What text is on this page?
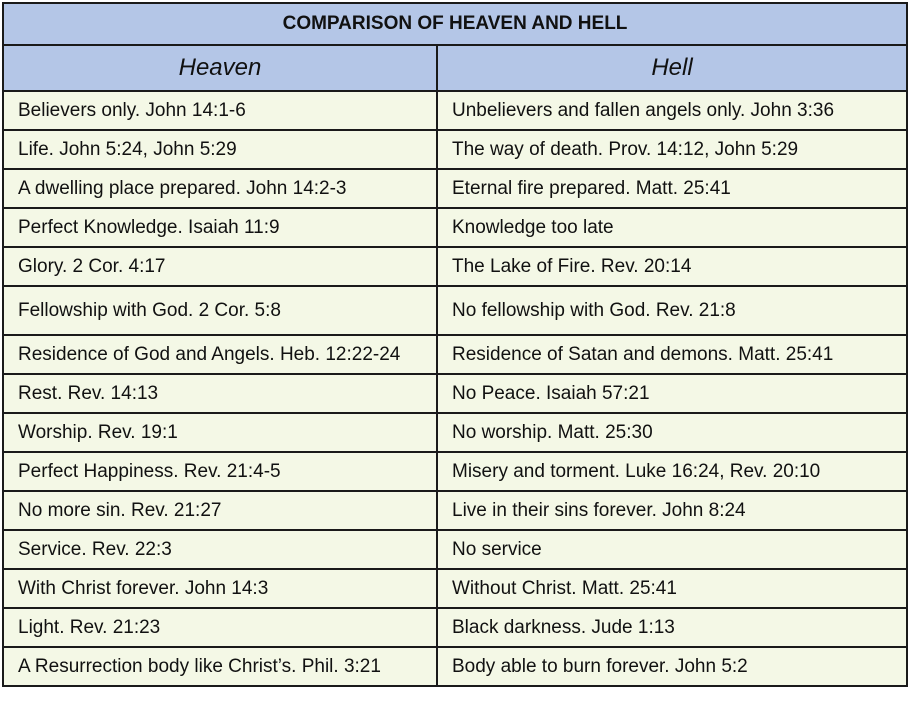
COMPARISON OF HEAVEN AND HELL	
Heaven	Hell
Believers only. John 14:1-6	Unbelievers and fallen angels only. John 3:36
Life. John 5:24, John 5:29	The way of death. Prov. 14:12, John 5:29
A dwelling place prepared. John 14:2-3	Eternal fire prepared. Matt. 25:41
Perfect Knowledge. Isaiah 11:9	Knowledge too late
Glory. 2 Cor. 4:17	The Lake of Fire. Rev. 20:14
Fellowship with God. 2 Cor. 5:8	No fellowship with God. Rev. 21:8
Residence of God and Angels. Heb. 12:22-24	Residence of Satan and demons. Matt. 25:41
Rest. Rev. 14:13	No Peace. Isaiah 57:21
Worship. Rev. 19:1	No worship. Matt. 25:30
Perfect Happiness. Rev. 21:4-5	Misery and torment. Luke 16:24, Rev. 20:10
No more sin. Rev. 21:27	Live in their sins forever. John 8:24
Service. Rev. 22:3	No service
With Christ forever. John 14:3	Without Christ. Matt. 25:41
Light. Rev. 21:23	Black darkness. Jude 1:13
A Resurrection body like Christ’s. Phil. 3:21	Body able to burn forever. John 5:2
